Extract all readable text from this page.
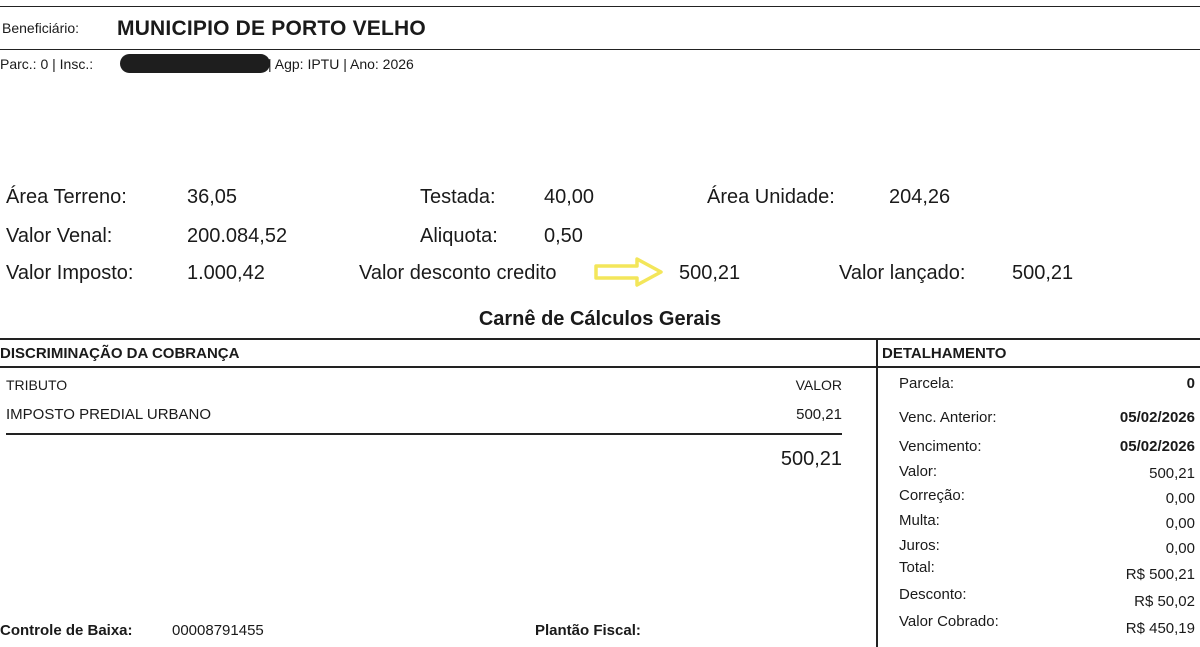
Beneficiário: MUNICIPIO DE PORTO VELHO
Parc.: 0 | Insc.:	| Agp: IPTU | Ano: 2026
Área Terreno:	36,05	Testada: 40,00	Área Unidade:	204,26
Valor Venal:	200.084,52	Aliquota: 0,50
Valor Imposto:	1.000,42	Valor desconto credito	500,21	Valor lançado: 500,21
Carnê de Cálculos Gerais
DISCRIMINAÇÃO DA COBRANÇA
TRIBUTO	VALOR
IMPOSTO PREDIAL URBANO	500,21
500,21
DETALHAMENTO
Parcela:	0
Venc. Anterior:	05/02/2026
Vencimento:	05/02/2026
Valor:	500,21
Correção:	0,00
Multa:	0,00
Juros:	0,00
Total:	R$ 500,21
Desconto:	R$ 50,02
Valor Cobrado:	R$ 450,19
Controle de Baixa:	00008791455	Plantão Fiscal:
